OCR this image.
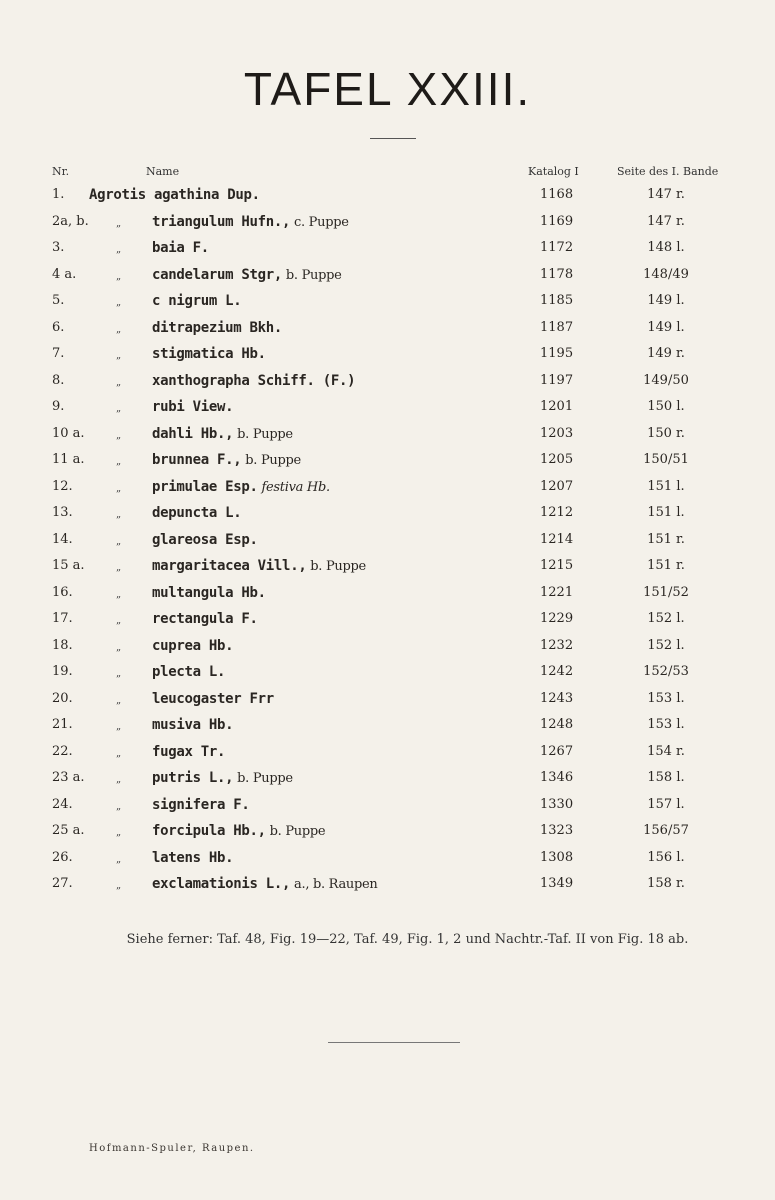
TAFEL XXIII.
Nr.	Name	Katalog I	Seite des I. Bande
1. Agrotis agathina Dup.	1168	147 r.
2a, b.	„ triangulum Hufn., c. Puppe	1169	147 r.
3.	„ baia F.	1172	148 l.
4 a.	„ candelarum Stgr, b. Puppe	1178	148/49
5.	„ c nigrum L.	1185	149 l.
6.	„ ditrapezium Bkh.	1187	149 l.
7.	„ stigmatica Hb.	1195	149 r.
8.	„ xanthographa Schiff. (F.)	1197	149/50
9.	„ rubi View.	1201	150 l.
10 a.	„ dahli Hb., b. Puppe	1203	150 r.
11 a.	„ brunnea F., b. Puppe	1205	150/51
12.	„ primulae Esp. festiva Hb.	1207	151 l.
13.	„ depuncta L.	1212	151 l.
14.	„ glareosa Esp.	1214	151 r.
15 a.	„ margaritacea Vill., b. Puppe	1215	151 r.
16.	„ multangula Hb.	1221	151/52
17.	„ rectangula F.	1229	152 l.
18.	„ cuprea Hb.	1232	152 l.
19.	„ plecta L.	1242	152/53
20.	„ leucogaster Frr	1243	153 l.
21.	„ musiva Hb.	1248	153 l.
22.	„ fugax Tr.	1267	154 r.
23 a.	„ putris L., b. Puppe	1346	158 l.
24.	„ signifera F.	1330	157 l.
25 a.	„ forcipula Hb., b. Puppe	1323	156/57
26.	„ latens Hb.	1308	156 l.
27.	„ exclamationis L., a., b. Raupen	1349	158 r.
Siehe ferner: Taf. 48, Fig. 19—22, Taf. 49, Fig. 1, 2 und Nachtr.-Taf. II von Fig. 18 ab.
Hofmann-Spuler, Raupen.
